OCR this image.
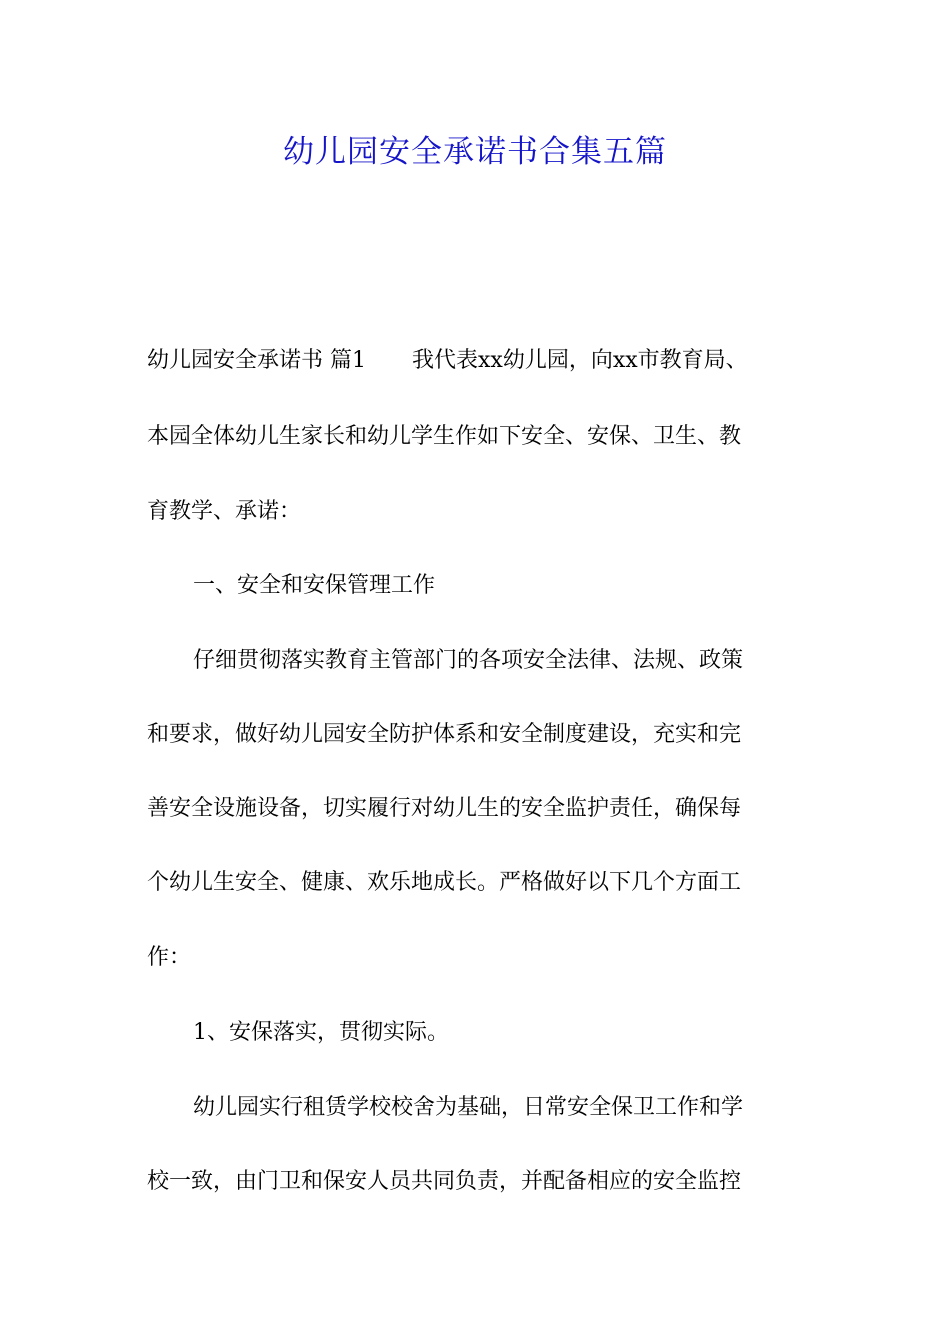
幼儿园安全承诺书合集五篇
幼儿园安全承诺书 篇1 我代表xx幼儿园，向xx市教育局、
本园全体幼儿生家长和幼儿学生作如下安全、安保、卫生、教
育教学、承诺：
一、安全和安保管理工作
仔细贯彻落实教育主管部门的各项安全法律、法规、政策
和要求，做好幼儿园安全防护体系和安全制度建设，充实和完
善安全设施设备，切实履行对幼儿生的安全监护责任，确保每
个幼儿生安全、健康、欢乐地成长。严格做好以下几个方面工
作：
1、安保落实，贯彻实际。
幼儿园实行租赁学校校舍为基础，日常安全保卫工作和学
校一致，由门卫和保安人员共同负责，并配备相应的安全监控
